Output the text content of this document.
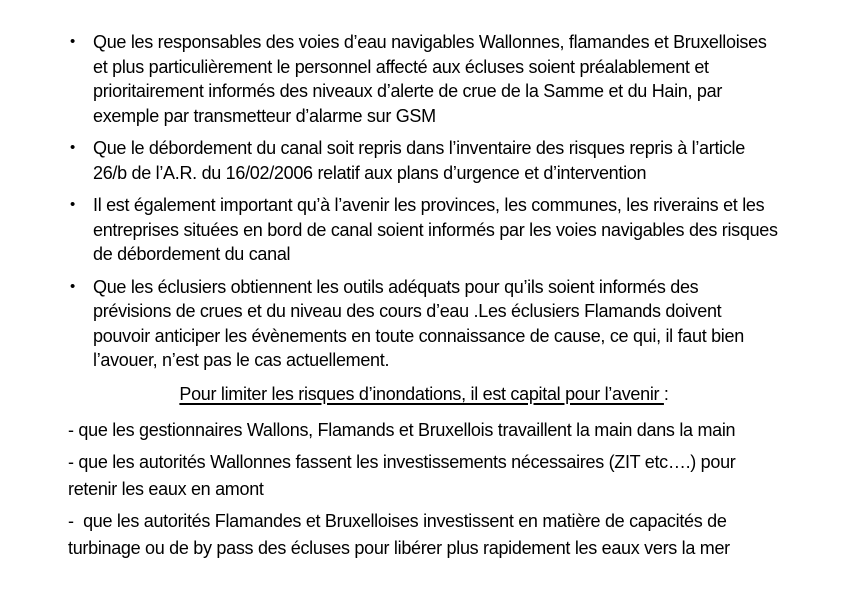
•	Que les responsables des voies d’eau navigables Wallonnes, flamandes et Bruxelloises et plus particulièrement le personnel affecté aux écluses soient préalablement et prioritairement informés des niveaux d’alerte de crue de la Samme et du Hain, par exemple par transmetteur d’alarme sur GSM
•	Que le débordement du canal soit repris dans l’inventaire des risques repris à l’article 26/b de l’A.R. du 16/02/2006 relatif aux plans d’urgence et d’intervention
•	Il est également important qu’à l’avenir les provinces, les communes, les riverains et les entreprises situées en bord de canal soient informés par les voies navigables des risques de débordement du canal
•	Que les éclusiers obtiennent les outils adéquats pour qu’ils soient informés des prévisions de crues et du niveau des cours d’eau .Les éclusiers Flamands doivent pouvoir anticiper les évènements en toute connaissance de cause, ce qui, il faut bien l’avouer, n’est pas le cas actuellement.
Pour limiter les risques d’inondations, il est capital pour l’avenir :

- que les gestionnaires Wallons, Flamands et Bruxellois travaillent la main dans la main

- que les autorités Wallonnes fassent les investissements nécessaires (ZIT etc….) pour retenir les eaux en amont

-  que les autorités Flamandes et Bruxelloises investissent en matière de capacités de turbinage ou de by pass des écluses pour libérer plus rapidement les eaux vers la mer
